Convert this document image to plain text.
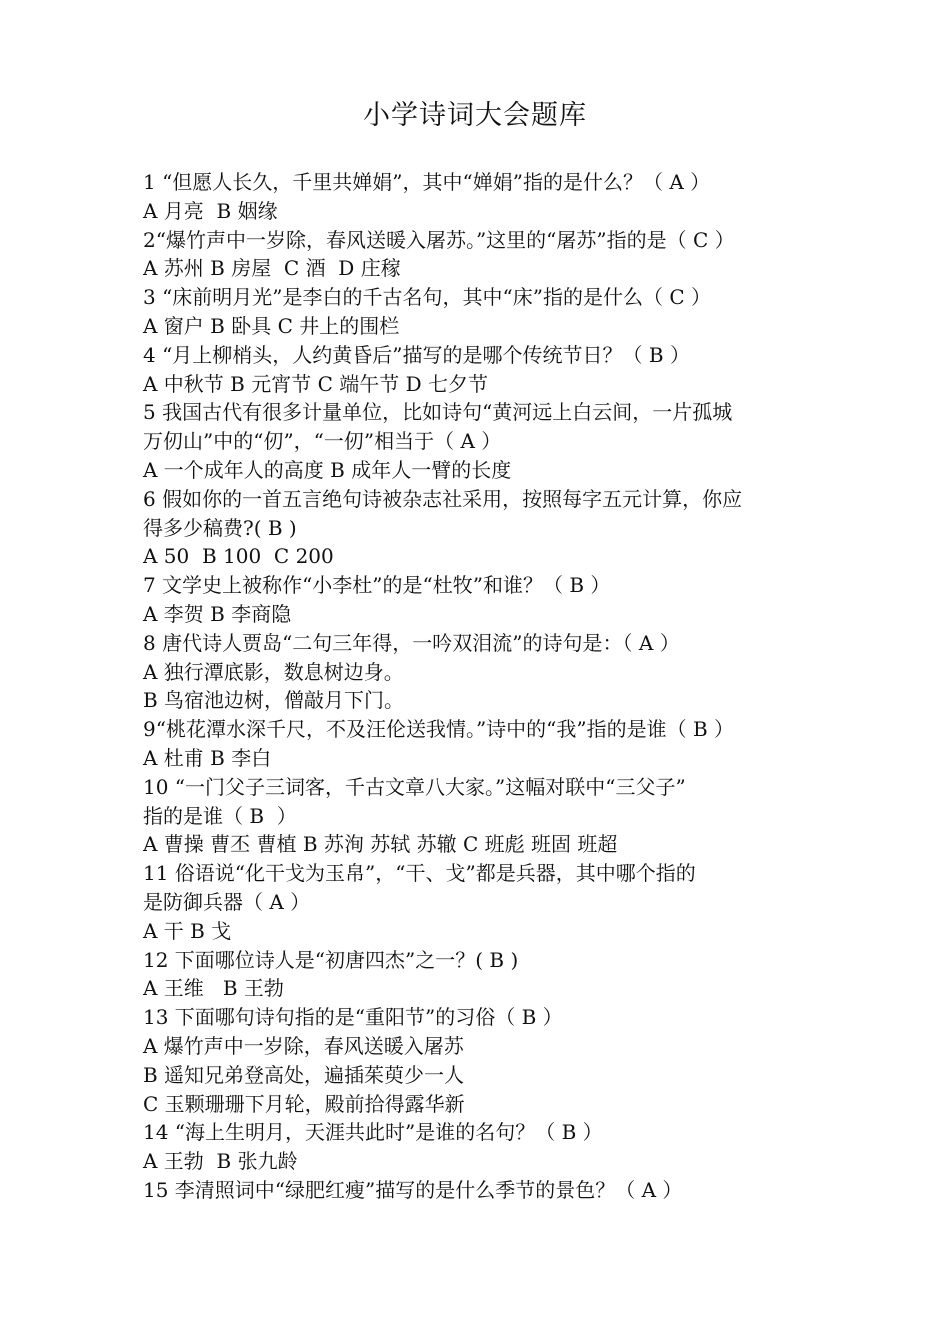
小学诗词大会题库
1 “但愿人长久，千里共婵娟”，其中“婵娟”指的是什么？（ A ）
A 月亮  B 姻缘
2“爆竹声中一岁除，春风送暖入屠苏。”这里的“屠苏”指的是（ C ）
A 苏州 B 房屋  C 酒  D 庄稼
3 “床前明月光”是李白的千古名句，其中“床”指的是什么（ C ）
A 窗户 B 卧具 C 井上的围栏
4 “月上柳梢头，人约黄昏后”描写的是哪个传统节日？（ B ）
A 中秋节 B 元宵节 C 端午节 D 七夕节
5 我国古代有很多计量单位，比如诗句“黄河远上白云间，一片孤城
万仞山”中的“仞”，“一仞”相当于（ A ）
A 一个成年人的高度 B 成年人一臂的长度
6 假如你的一首五言绝句诗被杂志社采用，按照每字五元计算，你应
得多少稿费?( B )
A 50  B 100  C 200
7 文学史上被称作“小李杜”的是“杜牧”和谁？（ B ）
A 李贺 B 李商隐
8 唐代诗人贾岛“二句三年得，一吟双泪流”的诗句是：（ A ）
A 独行潭底影，数息树边身。
B 鸟宿池边树，僧敲月下门。
9“桃花潭水深千尺，不及汪伦送我情。”诗中的“我”指的是谁（ B ）
A 杜甫 B 李白
10 “一门父子三词客，千古文章八大家。”这幅对联中“三父子”
指的是谁（ B  ）
A 曹操 曹丕 曹植 B 苏洵 苏轼 苏辙 C 班彪 班固 班超
11 俗语说“化干戈为玉帛”，“干、戈”都是兵器，其中哪个指的
是防御兵器（ A ）
A 干 B 戈
12 下面哪位诗人是“初唐四杰”之一？( B )
A 王维   B 王勃
13 下面哪句诗句指的是“重阳节”的习俗（ B ）
A 爆竹声中一岁除，春风送暖入屠苏
B 遥知兄弟登高处，遍插茱萸少一人
C 玉颗珊珊下月轮，殿前拾得露华新
14 “海上生明月，天涯共此时”是谁的名句？（ B ）
A 王勃  B 张九龄
15 李清照词中“绿肥红瘦”描写的是什么季节的景色？（ A ）
